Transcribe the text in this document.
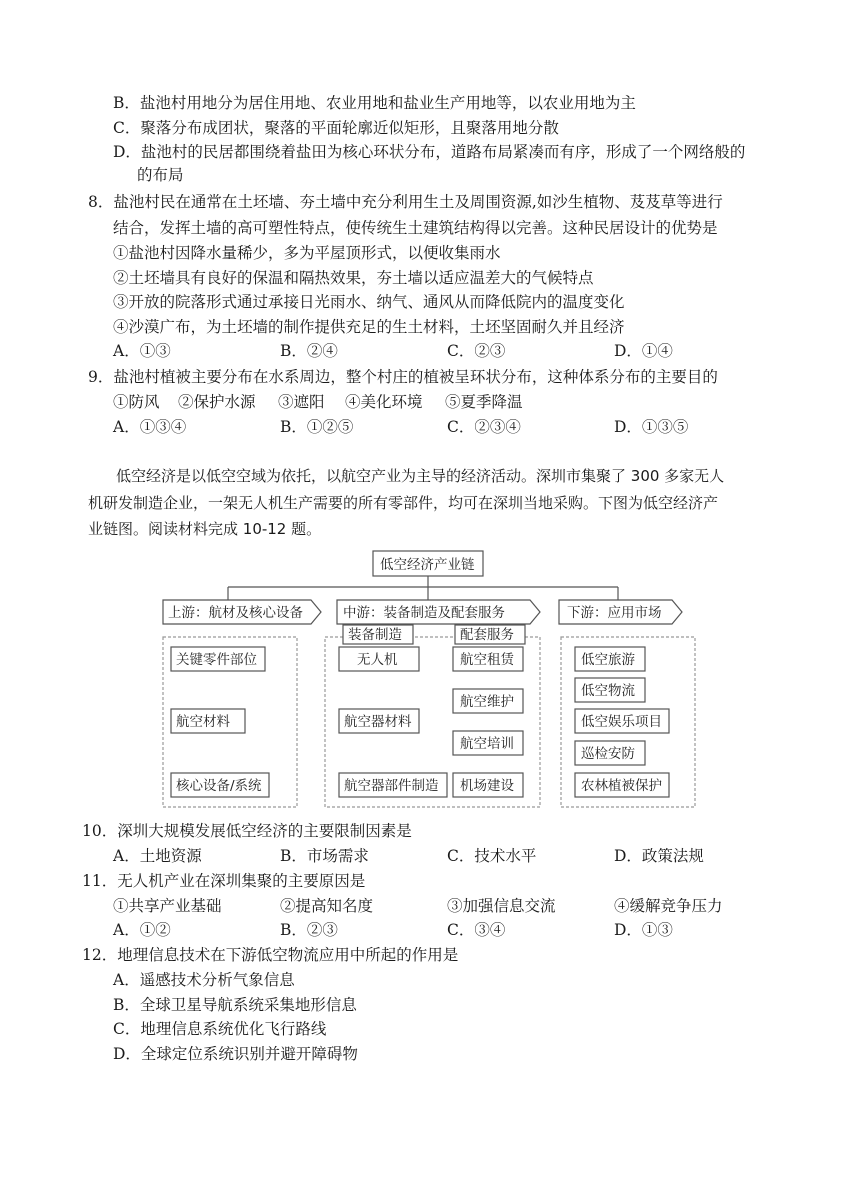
B．盐池村用地分为居住用地、农业用地和盐业生产用地等，以农业用地为主
C．聚落分布成团状，聚落的平面轮廓近似矩形，且聚落用地分散
D．盐池村的民居都围绕着盐田为核心环状分布，道路布局紧凑而有序，形成了一个网络般的
的布局
8．盐池村民在通常在土坯墙、夯土墙中充分利用生土及周围资源,如沙生植物、芨芨草等进行
结合，发挥土墙的高可塑性特点，使传统生土建筑结构得以完善。这种民居设计的优势是
①盐池村因降水量稀少，多为平屋顶形式，以便收集雨水
②土坯墙具有良好的保温和隔热效果，夯土墙以适应温差大的气候特点
③开放的院落形式通过承接日光雨水、纳气、通风从而降低院内的温度变化
④沙漠广布，为土坯墙的制作提供充足的生土材料，土坯坚固耐久并且经济
A．①③	B．②④	C．②③	D．①④
9．盐池村植被主要分布在水系周边，整个村庄的植被呈环状分布，这种体系分布的主要目的
①防风 ②保护水源 ③遮阳 ④美化环境 ⑤夏季降温
A．①③④	B．①②⑤	C．②③④	D．①③⑤
低空经济是以低空空域为依托，以航空产业为主导的经济活动。深圳市集聚了 300 多家无人
机研发制造企业，一架无人机生产需要的所有零部件，均可在深圳当地采购。下图为低空经济产
业链图。阅读材料完成 10-12 题。
低空经济产业链
上游：航材及核心设备	中游：装备制造及配套服务	下游：应用市场
装备制造	配套服务
关键零件部位
航空材料
核心设备/系统
无人机
航空器材料
航空器部件制造
航空租赁
航空维护
航空培训
机场建设
低空旅游
低空物流
低空娱乐项目
巡检安防
农林植被保护
10．深圳大规模发展低空经济的主要限制因素是
A．土地资源	B．市场需求	C．技术水平	D．政策法规
11．无人机产业在深圳集聚的主要原因是
①共享产业基础	②提高知名度	③加强信息交流	④缓解竞争压力
A．①②	B．②③	C．③④	D．①③
12．地理信息技术在下游低空物流应用中所起的作用是
A．遥感技术分析气象信息
B．全球卫星导航系统采集地形信息
C．地理信息系统优化飞行路线
D．全球定位系统识别并避开障碍物
